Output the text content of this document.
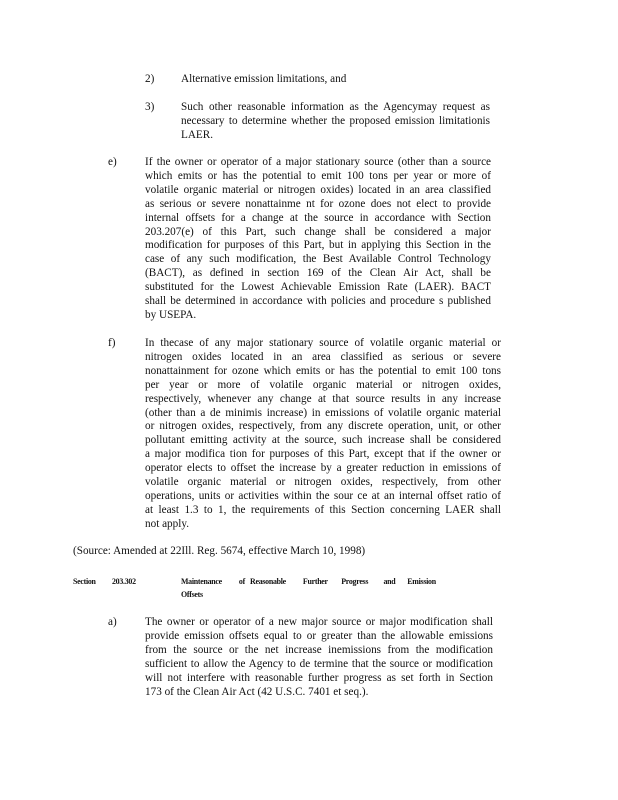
2) Alternative emission limitations, and
3) Such other reasonable information as the Agencymay request as
necessary to determine whether the proposed emission limitationis
LAER.
e)	If the owner or operator of a major stationary source (other than a source
which emits or has the potential to emit 100 tons per year or more of
volatile organic material or nitrogen oxides) located in an area classified
as serious or severe nonattainme nt for ozone does not elect to provide
internal offsets for a change at the source in accordance with Section
203.207(e) of this Part, such change shall be considered a major
modification for purposes of this Part, but in applying this Section in the
case of any such modification, the Best Available Control Technology
(BACT), as defined in section 169 of the Clean Air Act, shall be
substituted for the Lowest Achievable Emission Rate (LAER). BACT
shall be determined in accordance with policies and procedure s published
by USEPA.
f)	In thecase of any major stationary source of volatile organic material or
nitrogen oxides located in an area classified as serious or severe
nonattainment for ozone which emits or has the potential to emit 100 tons
per year or more of volatile organic material or nitrogen oxides,
respectively, whenever any change at that source results in any increase
(other than a de minimis increase) in emissions of volatile organic material
or nitrogen oxides, respectively, from any discrete operation, unit, or other
pollutant emitting activity at the source, such increase shall be considered
a major modifica tion for purposes of this Part, except that if the owner or
operator elects to offset the increase by a greater reduction in emissions of
volatile organic material or nitrogen oxides, respectively, from other
operations, units or activities within the sour ce at an internal offset ratio of
at least 1.3 to 1, the requirements of this Section concerning LAER shall
not apply.
(Source: Amended at 22Ill. Reg. 5674, effective March 10, 1998)
Section 203.302	Maintenance          of   Reasonable          Further        Progress         and       Emission
Offsets
a)	The owner or operator of a new major source or major modification shall
provide emission offsets equal to or greater than the allowable emissions
from the source or the net increase inemissions from the modification
sufficient to allow the Agency to de termine that the source or modification
will not interfere with reasonable further progress as set forth in Section
173 of the Clean Air Act (42 U.S.C. 7401 et seq.).
